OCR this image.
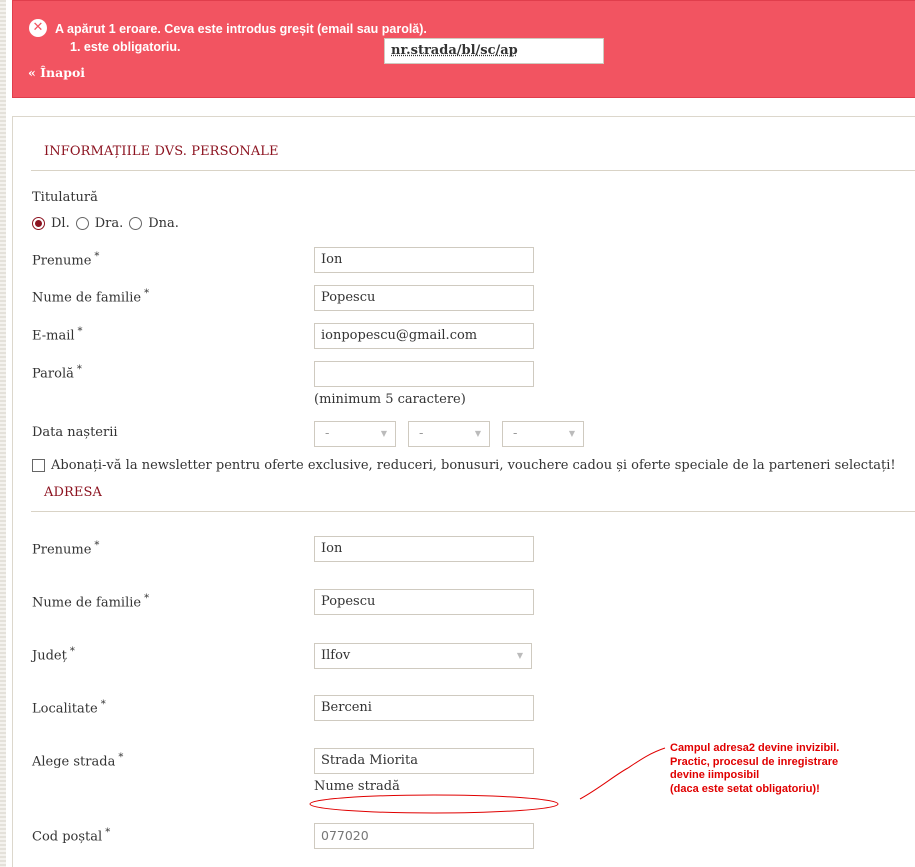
✕ A apărut 1 eroare. Ceva este introdus greșit (email sau parolă).
1.	nr.strada/bl/sc/ap
este obligatoriu.
« Înapoi
INFORMAȚIILE DVS. PERSONALE
Titulatură
Dl. Dra. Dna.
Prenume *	Ion
Nume de familie *	Popescu
E-mail *	ionpopescu@gmail.com
Parolă *
(minimum 5 caractere)
Data nașterii	-	▼	-	▼	-	▼
Abonați-vă la newsletter pentru oferte exclusive, reduceri, bonusuri, vouchere cadou și oferte speciale de la parteneri selectați!
ADRESA
Prenume *	Ion
Nume de familie *	Popescu
Județ *	Ilfov	▼
Localitate *	Berceni
Alege strada *	Strada Miorita
Nume stradă
Cod poștal *	077020
Campul adresa2 devine invizibil.
Practic, procesul de inregistrare
devine iimposibil
(daca este setat obligatoriu)!
